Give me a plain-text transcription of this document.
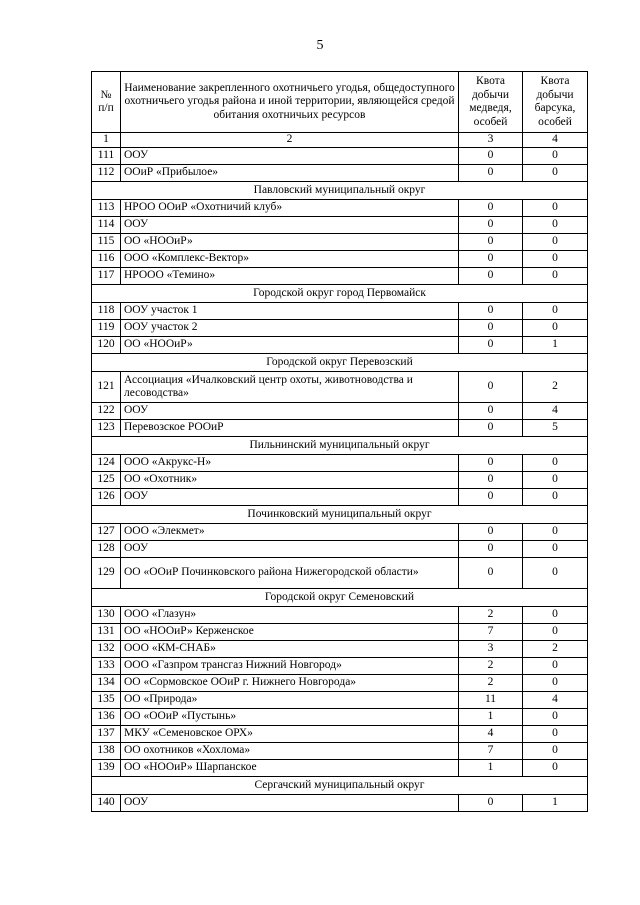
5
№ п/п	Наименование закрепленного охотничьего угодья, общедоступного охотничьего угодья района и иной территории, являющейся средой обитания охотничьих ресурсов	Квота добычи медведя, особей	Квота добычи барсука, особей
1	2	3	4
111	ООУ	0	0
112	ООиР «Прибылое»	0	0
Павловский муниципальный округ			
113	НРОО ООиР «Охотничий клуб»	0	0
114	ООУ	0	0
115	ОО «НООиР»	0	0
116	ООО «Комплекс-Вектор»	0	0
117	НРООО «Темино»	0	0
Городской округ город Первомайск			
118	ООУ участок 1	0	0
119	ООУ участок 2	0	0
120	ОО «НООиР»	0	1
Городской округ Перевозский			
121	Ассоциация «Ичалковский центр охоты, животноводства и лесоводства»	0	2
122	ООУ	0	4
123	Перевозское РООиР	0	5
Пильнинский муниципальный округ			
124	ООО «Акрукс-Н»	0	0
125	ОО «Охотник»	0	0
126	ООУ	0	0
Починковский муниципальный округ			
127	ООО «Элекмет»	0	0
128	ООУ	0	0
129	ОО «ООиР Починковского района Нижегородской области»	0	0
Городской округ Семеновский			
130	ООО «Глазун»	2	0
131	ОО «НООиР» Керженское	7	0
132	ООО «КМ-СНАБ»	3	2
133	ООО «Газпром трансгаз Нижний Новгород»	2	0
134	ОО «Сормовское ООиР г. Нижнего Новгорода»	2	0
135	ОО «Природа»	11	4
136	ОО «ООиР «Пустынь»	1	0
137	МКУ «Семеновское ОРХ»	4	0
138	ОО охотников «Хохлома»	7	0
139	ОО «НООиР» Шарпанское	1	0
Сергачский муниципальный округ			
140	ООУ	0	1
